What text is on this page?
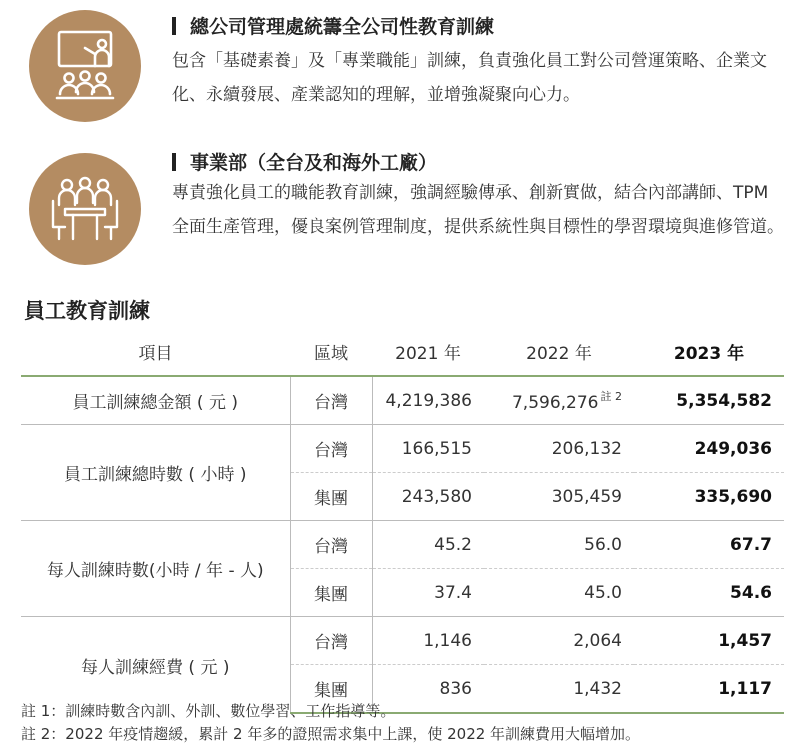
總公司管理處統籌全公司性教育訓練
包含「基礎素養」及「專業職能」訓練，負責強化員工對公司營運策略、企業文化、永續發展、產業認知的理解，並增強凝聚向心力。
事業部（全台及和海外工廠）
專責強化員工的職能教育訓練，強調經驗傳承、創新實做，結合內部講師、TPM 全面生產管理，優良案例管理制度，提供系統性與目標性的學習環境與進修管道。
員工教育訓練
項目	區域	2021 年	2022 年	2023 年
員工訓練總金額 ( 元 )	台灣	4,219,386	7,596,276 $^{註 2}$	5,354,582
員工訓練總時數 ( 小時 )	台灣	166,515	206,132	249,036
	集團	243,580	305,459	335,690
每人訓練時數(小時 / 年 - 人)	台灣	45.2	56.0	67.7
	集團	37.4	45.0	54.6
每人訓練經費 ( 元 )	台灣	1,146	2,064	1,457
	集團	836	1,432	1,117
註 1：訓練時數含內訓、外訓、數位學習、工作指導等。
註 2：2022 年疫情趨緩，累計 2 年多的證照需求集中上課，使 2022 年訓練費用大幅增加。
